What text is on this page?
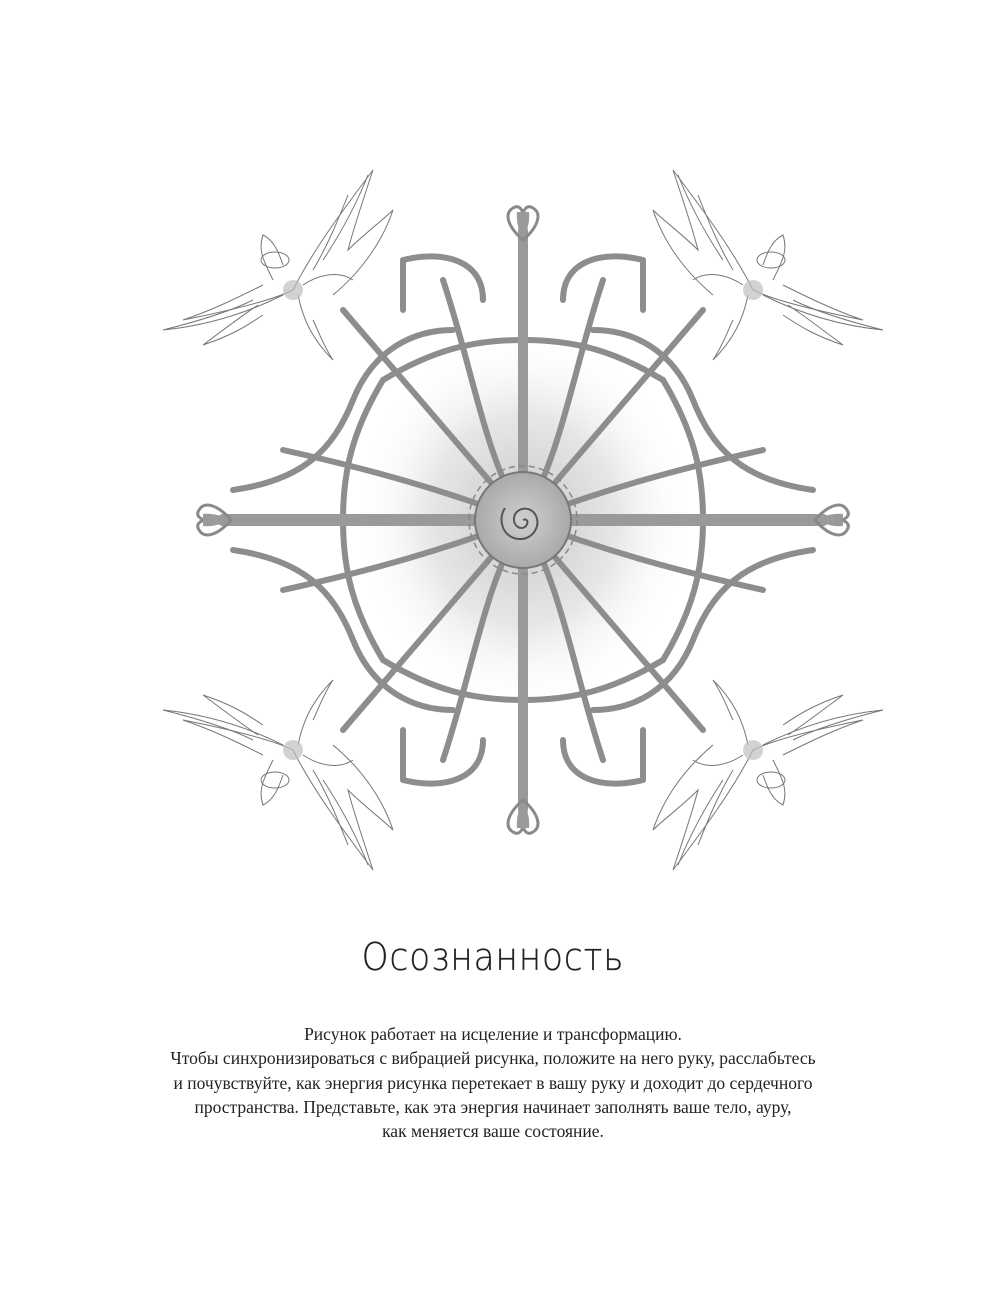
Осознанность

Рисунок работает на исцеление и трансформацию.

Чтобы синхронизироваться с вибрацией рисунка, положите на него руку, расслабьтесь

и почувствуйте, как энергия рисунка перетекает в вашу руку и доходит до сердечного

пространства. Представьте, как эта энергия начинает заполнять ваше тело, ауру,

как меняется ваше состояние.
